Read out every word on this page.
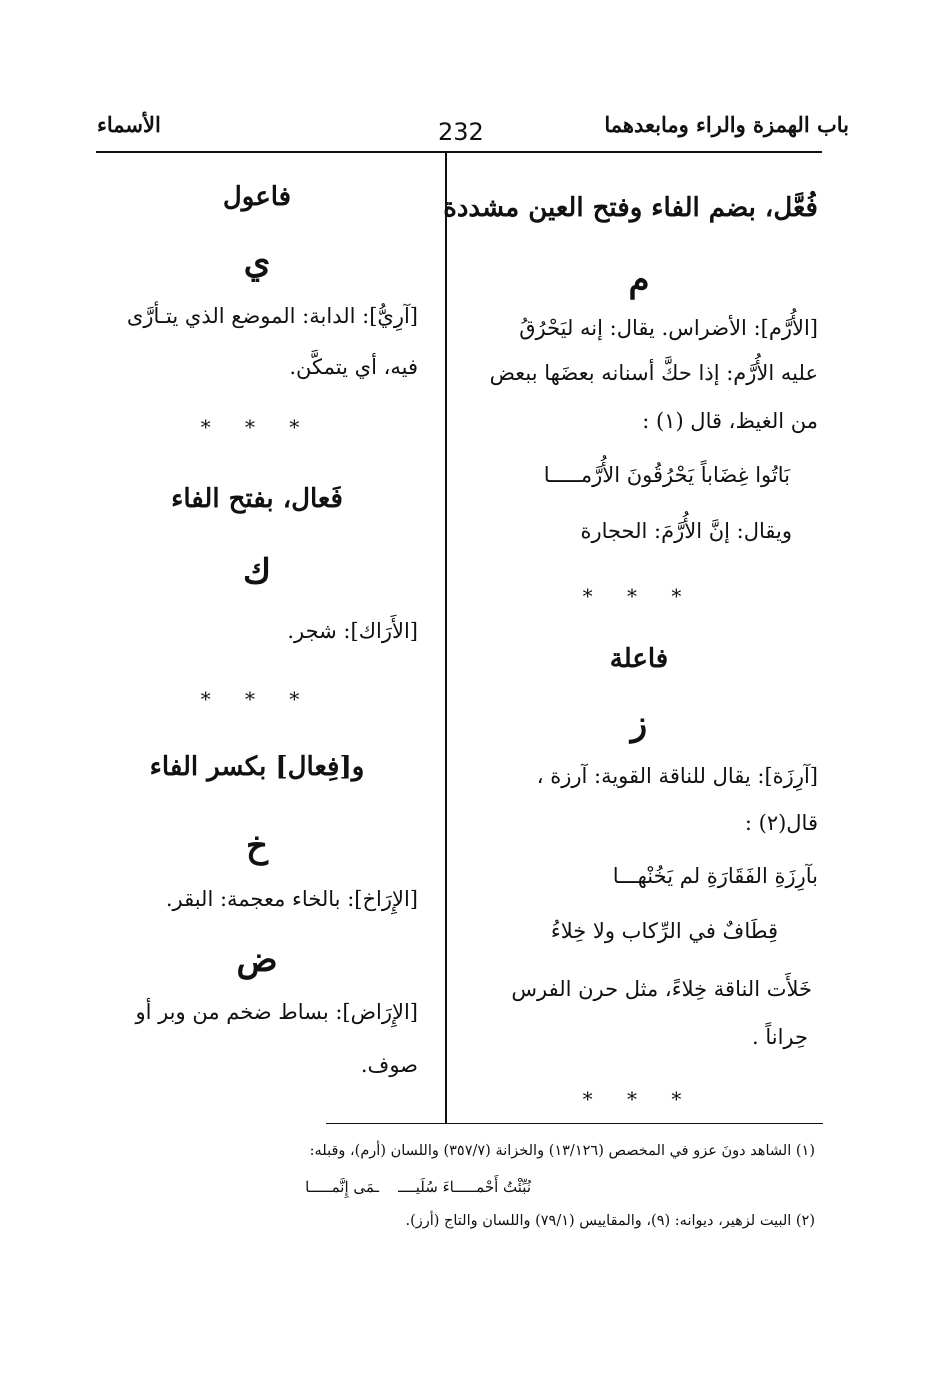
باب الهمزة والراء ومابعدهما
232
الأسماء
فُعَّل، بضم الفاء وفتح العين مشددة
م
[الأُرَّم]: الأضراس. يقال: إنه ليَحْرُقُ
عليه الأُرَّم: إذا حكَّ أسنانه بعضَها ببعض
من الغيظ، قال (١) :
بَاتُوا غِضَاباً يَحْرُقُونَ الأُرَّمـــــا
ويقال: إنَّ الأُرَّمَ: الحجارة
* * *
فاعلة
ز
[آرِزَة]: يقال للناقة القوية: آرزة ،
قال(٢) :
بآرِزَةِ الفَقَارَةِ لم يَخُنْهـــا
قِطَافٌ في الرِّكاب ولا خِلاءُ
خَلأَت الناقة خِلاءً، مثل حرن الفرس
حِراناً .
* * *
فاعول
ي
[آرِيُّ]: الدابة: الموضع الذي يتـأرَّى
فيه، أي يتمكَّن.
* * *
فَعال، بفتح الفاء
ك
[الأَرَاك]: شجر.
* * *
و[فِعال] بكسر الفاء
خ
[الإِرَاخ]: بالخاء معجمة: البقر.
ض
[الإِرَاض]: بساط ضخم من وبر أو
صوف.
(١) الشاهد دونَ عزو في المخصص (١٣/١٢٦) والخزانة (٣٥٧/٧) واللسان (أرم)، وقبله:
نُبِّئْتُ أَحْمـــــاءَ سُلَيــــ
ـمَى إِنَّمـــــا
(٢) البيت لزهير، ديوانه: (٩)، والمقاييس (٧٩/١) واللسان والتاج (أرز).
